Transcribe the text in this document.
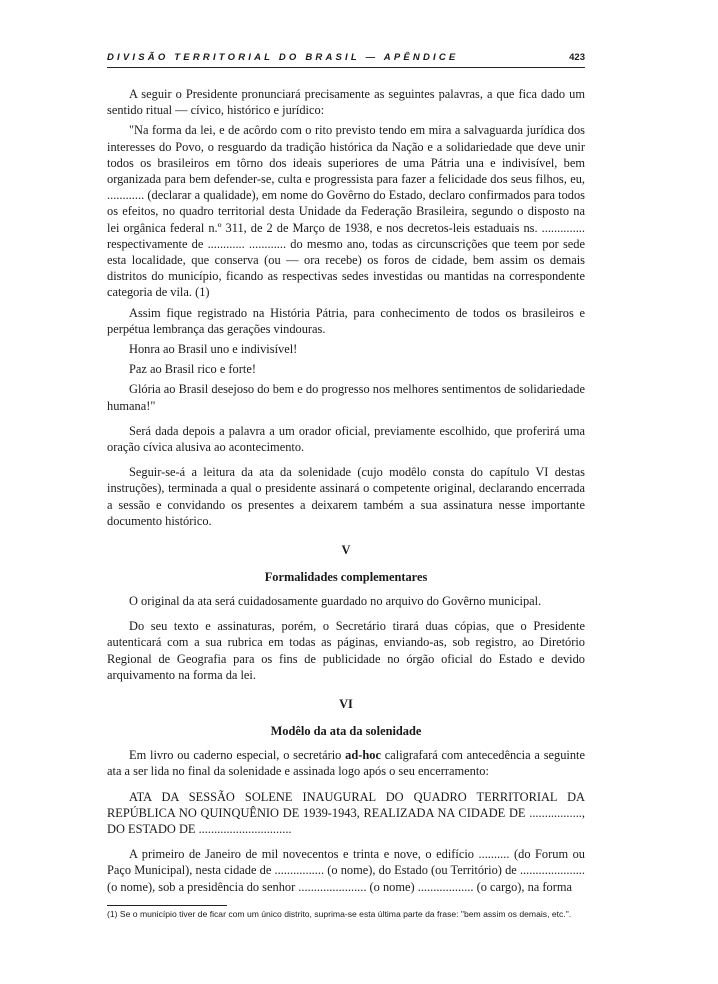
DIVISÃO TERRITORIAL DO BRASIL — APÊNDICE	423

A seguir o Presidente pronunciará precisamente as seguintes palavras, a que fica dado um sentido ritual — cívico, histórico e jurídico:

"Na forma da lei, e de acôrdo com o rito previsto tendo em mira a salvaguarda jurídica dos interesses do Povo, o resguardo da tradição histórica da Nação e a solidariedade que deve unir todos os brasileiros em tôrno dos ideais superiores de uma Pátria una e indivisível, bem organizada para bem defender-se, culta e progressista para fazer a felicidade dos seus filhos, eu, ............ (declarar a qualidade), em nome do Govêrno do Estado, declaro confirmados para todos os efeitos, no quadro territorial desta Unidade da Federação Brasileira, segundo o disposto na lei orgânica federal n.º 311, de 2 de Março de 1938, e nos decretos-leis estaduais ns. .............. respectivamente de ............ ............ do mesmo ano, todas as circunscrições que teem por sede esta localidade, que conserva (ou — ora recebe) os foros de cidade, bem assim os demais distritos do município, ficando as respectivas sedes investidas ou mantidas na correspondente categoria de vila. (1)

Assim fique registrado na História Pátria, para conhecimento de todos os brasileiros e perpétua lembrança das gerações vindouras.

Honra ao Brasil uno e indivisível!

Paz ao Brasil rico e forte!

Glória ao Brasil desejoso do bem e do progresso nos melhores sentimentos de solidariedade humana!"

Será dada depois a palavra a um orador oficial, previamente escolhido, que proferirá uma oração cívica alusiva ao acontecimento.

Seguir-se-á a leitura da ata da solenidade (cujo modêlo consta do capítulo VI destas instruções), terminada a qual o presidente assinará o competente original, declarando encerrada a sessão e convidando os presentes a deixarem também a sua assinatura nesse importante documento histórico.

V
Formalidades complementares

O original da ata será cuidadosamente guardado no arquivo do Govêrno municipal.

Do seu texto e assinaturas, porém, o Secretário tirará duas cópias, que o Presidente autenticará com a sua rubrica em todas as páginas, enviando-as, sob registro, ao Diretório Regional de Geografia para os fins de publicidade no órgão oficial do Estado e devido arquivamento na forma da lei.

VI
Modêlo da ata da solenidade

Em livro ou caderno especial, o secretário ad-hoc caligrafará com antecedência a seguinte ata a ser lida no final da solenidade e assinada logo após o seu encerramento:

ATA DA SESSÃO SOLENE INAUGURAL DO QUADRO TERRITORIAL DA REPÚBLICA NO QUINQUÊNIO DE 1939-1943, REALIZADA NA CIDADE DE ................., DO ESTADO DE ..............................

A primeiro de Janeiro de mil novecentos e trinta e nove, o edifício .......... (do Forum ou Paço Municipal), nesta cidade de ................ (o nome), do Estado (ou Território) de ..................... (o nome), sob a presidência do senhor ...................... (o nome) .................. (o cargo), na forma

(1) Se o município tiver de ficar com um único distrito, suprima-se esta última parte da frase: "bem assim os demais, etc.".
